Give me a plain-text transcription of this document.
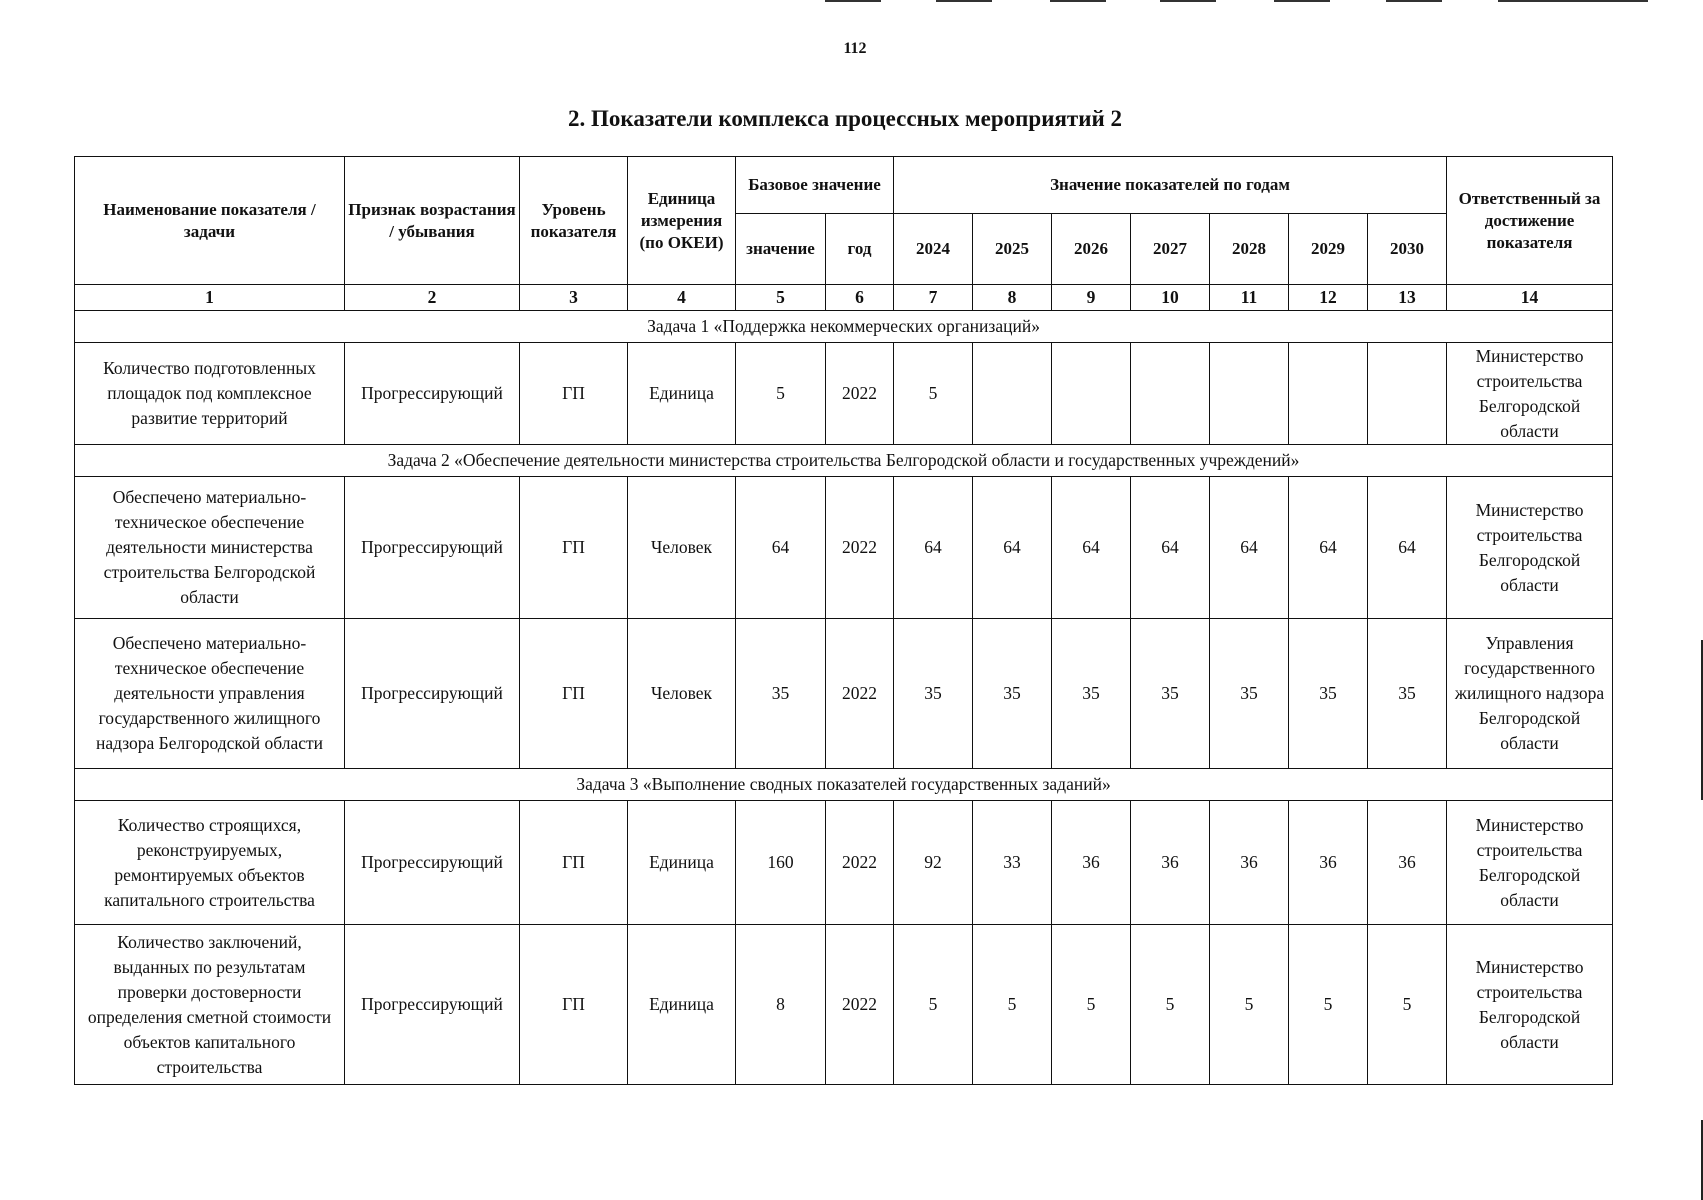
112
2. Показатели комплекса процессных мероприятий 2
Наименование показателя / задачи	Признак возрастания / убывания	Уровень показателя	Единица измерения (по ОКЕИ)	Базовое значение		Значение показателей по годам							Ответственный за достижение показателя
				значение	год	2024	2025	2026	2027	2028	2029	2030	
1	2	3	4	5	6	7	8	9	10	11	12	13	14
Задача 1 «Поддержка некоммерческих организаций»													
Количество подготовленных площадок под комплексное развитие территорий	Прогрессирующий	ГП	Единица	5	2022	5							Министерство строительства Белгородской области
Задача 2 «Обеспечение деятельности министерства строительства Белгородской области и государственных учреждений»													
Обеспечено материально-техническое обеспечение деятельности министерства строительства Белгородской области	Прогрессирующий	ГП	Человек	64	2022	64	64	64	64	64	64	64	Министерство строительства Белгородской области
Обеспечено материально-техническое обеспечение деятельности управления государственного жилищного надзора Белгородской области	Прогрессирующий	ГП	Человек	35	2022	35	35	35	35	35	35	35	Управления государственного жилищного надзора Белгородской области
Задача 3 «Выполнение сводных показателей государственных заданий»													
Количество строящихся, реконструируемых, ремонтируемых объектов капитального строительства	Прогрессирующий	ГП	Единица	160	2022	92	33	36	36	36	36	36	Министерство строительства Белгородской области
Количество заключений, выданных по результатам проверки достоверности определения сметной стоимости объектов капитального строительства	Прогрессирующий	ГП	Единица	8	2022	5	5	5	5	5	5	5	Министерство строительства Белгородской области
